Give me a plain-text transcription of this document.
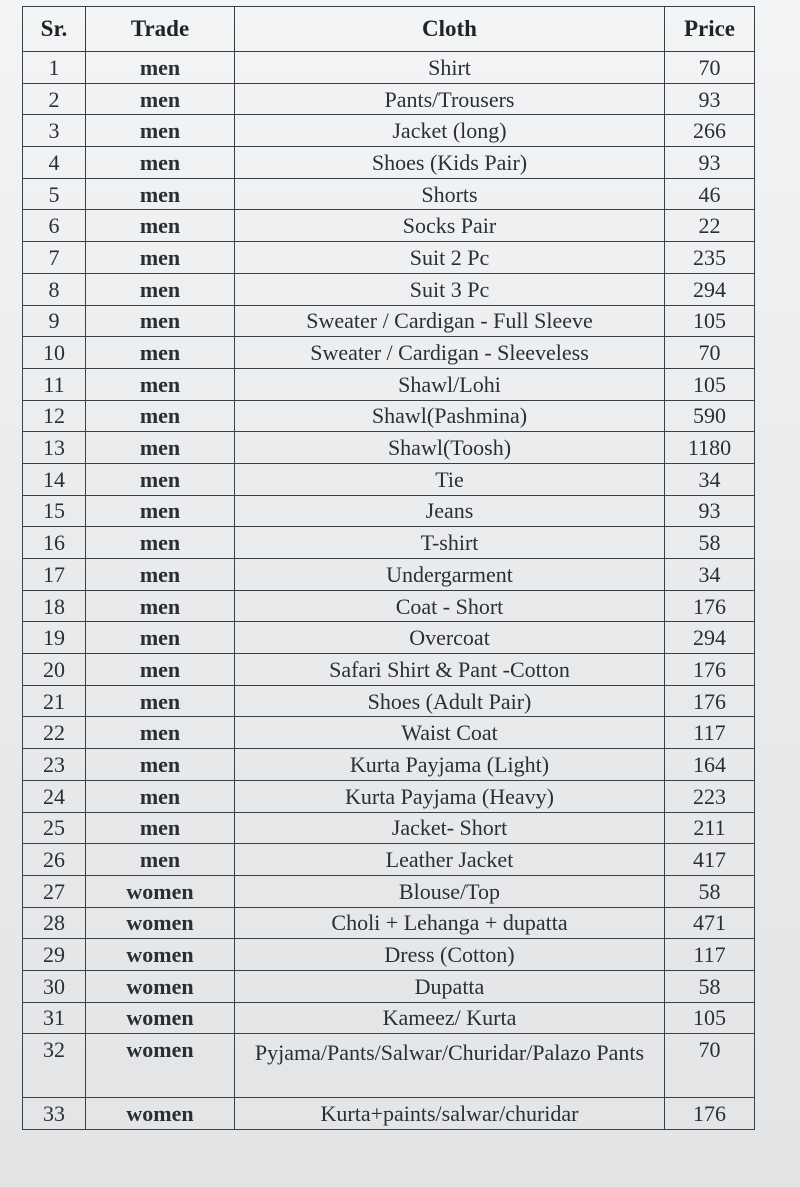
Sr.	Trade	Cloth	Price
1	men	Shirt	70
2	men	Pants/Trousers	93
3	men	Jacket (long)	266
4	men	Shoes (Kids Pair)	93
5	men	Shorts	46
6	men	Socks Pair	22
7	men	Suit 2 Pc	235
8	men	Suit 3 Pc	294
9	men	Sweater / Cardigan - Full Sleeve	105
10	men	Sweater / Cardigan - Sleeveless	70
11	men	Shawl/Lohi	105
12	men	Shawl(Pashmina)	590
13	men	Shawl(Toosh)	1180
14	men	Tie	34
15	men	Jeans	93
16	men	T-shirt	58
17	men	Undergarment	34
18	men	Coat - Short	176
19	men	Overcoat	294
20	men	Safari Shirt & Pant -Cotton	176
21	men	Shoes (Adult Pair)	176
22	men	Waist Coat	117
23	men	Kurta Payjama (Light)	164
24	men	Kurta Payjama (Heavy)	223
25	men	Jacket- Short	211
26	men	Leather Jacket	417
27	women	Blouse/Top	58
28	women	Choli + Lehanga + dupatta	471
29	women	Dress (Cotton)	117
30	women	Dupatta	58
31	women	Kameez/ Kurta	105
32	women	Pyjama/Pants/Salwar/Churidar/Palazo Pants	70
33	women	Kurta+paints/salwar/churidar	176
